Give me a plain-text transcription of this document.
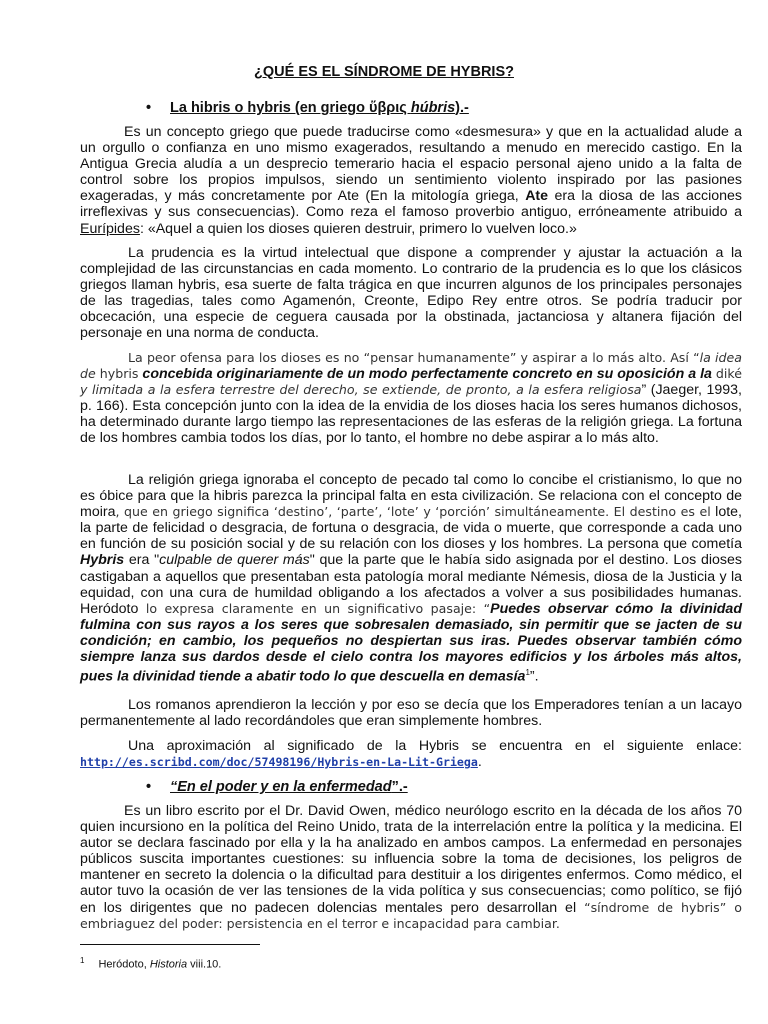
¿QUÉ ES EL SÍNDROME DE HYBRIS?
• La hibris o hybris (en griego ὕβρις húbris).-

Es un concepto griego que puede traducirse como «desmesura» y que en la actualidad alude a un orgullo o confianza en uno mismo exagerados, resultando a menudo en merecido castigo. En la Antigua Grecia aludía a un desprecio temerario hacia el espacio personal ajeno unido a la falta de control sobre los propios impulsos, siendo un sentimiento violento inspirado por las pasiones exageradas, y más concretamente por Ate (En la mitología griega, Ate era la diosa de las acciones irreflexivas y sus consecuencias). Como reza el famoso proverbio antiguo, erróneamente atribuido a Eurípides: «Aquel a quien los dioses quieren destruir, primero lo vuelven loco.»

La prudencia es la virtud intelectual que dispone a comprender y ajustar la actuación a la complejidad de las circunstancias en cada momento. Lo contrario de la prudencia es lo que los clásicos griegos llaman hybris, esa suerte de falta trágica en que incurren algunos de los principales personajes de las tragedias, tales como Agamenón, Creonte, Edipo Rey entre otros. Se podría traducir por obcecación, una especie de ceguera causada por la obstinada, jactanciosa y altanera fijación del personaje en una norma de conducta.

La peor ofensa para los dioses es no “pensar humanamente” y aspirar a lo más alto. Así “la idea de hybris concebida originariamente de un modo perfectamente concreto en su oposición a la diké y limitada a la esfera terrestre del derecho, se extiende, de pronto, a la esfera religiosa” (Jaeger, 1993, p. 166). Esta concepción junto con la idea de la envidia de los dioses hacia los seres humanos dichosos, ha determinado durante largo tiempo las representaciones de las esferas de la religión griega. La fortuna de los hombres cambia todos los días, por lo tanto, el hombre no debe aspirar a lo más alto.

La religión griega ignoraba el concepto de pecado tal como lo concibe el cristianismo, lo que no es óbice para que la hibris parezca la principal falta en esta civilización. Se relaciona con el concepto de moira, que en griego significa ‘destino’, ‘parte’, ‘lote’ y ‘porción’ simultáneamente. El destino es el lote, la parte de felicidad o desgracia, de fortuna o desgracia, de vida o muerte, que corresponde a cada uno en función de su posición social y de su relación con los dioses y los hombres. La persona que cometía Hybris era "culpable de querer más" que la parte que le había sido asignada por el destino. Los dioses castigaban a aquellos que presentaban esta patología moral mediante Némesis, diosa de la Justicia y la equidad, con una cura de humildad obligando a los afectados a volver a sus posibilidades humanas. Heródoto lo expresa claramente en un significativo pasaje: “Puedes observar cómo la divinidad fulmina con sus rayos a los seres que sobresalen demasiado, sin permitir que se jacten de su condición; en cambio, los pequeños no despiertan sus iras. Puedes observar también cómo siempre lanza sus dardos desde el cielo contra los mayores edificios y los árboles más altos, pues la divinidad tiende a abatir todo lo que descuella en demasía$^1$”.

Los romanos aprendieron la lección y por eso se decía que los Emperadores tenían a un lacayo permanentemente al lado recordándoles que eran simplemente hombres.

Una aproximación al significado de la Hybris se encuentra en el siguiente enlace: http://es.scribd.com/doc/57498196/Hybris-en-La-Lit-Griega.

• “En el poder y en la enfermedad”.-

Es un libro escrito por el Dr. David Owen, médico neurólogo escrito en la década de los años 70 quien incursiono en la política del Reino Unido, trata de la interrelación entre la política y la medicina. El autor se declara fascinado por ella y la ha analizado en ambos campos. La enfermedad en personajes públicos suscita importantes cuestiones: su influencia sobre la toma de decisiones, los peligros de mantener en secreto la dolencia o la dificultad para destituir a los dirigentes enfermos. Como médico, el autor tuvo la ocasión de ver las tensiones de la vida política y sus consecuencias; como político, se fijó en los dirigentes que no padecen dolencias mentales pero desarrollan el “síndrome de hybris” o embriaguez del poder: persistencia en el terror e incapacidad para cambiar.

$^1$ Heródoto, Historia viii.10.
